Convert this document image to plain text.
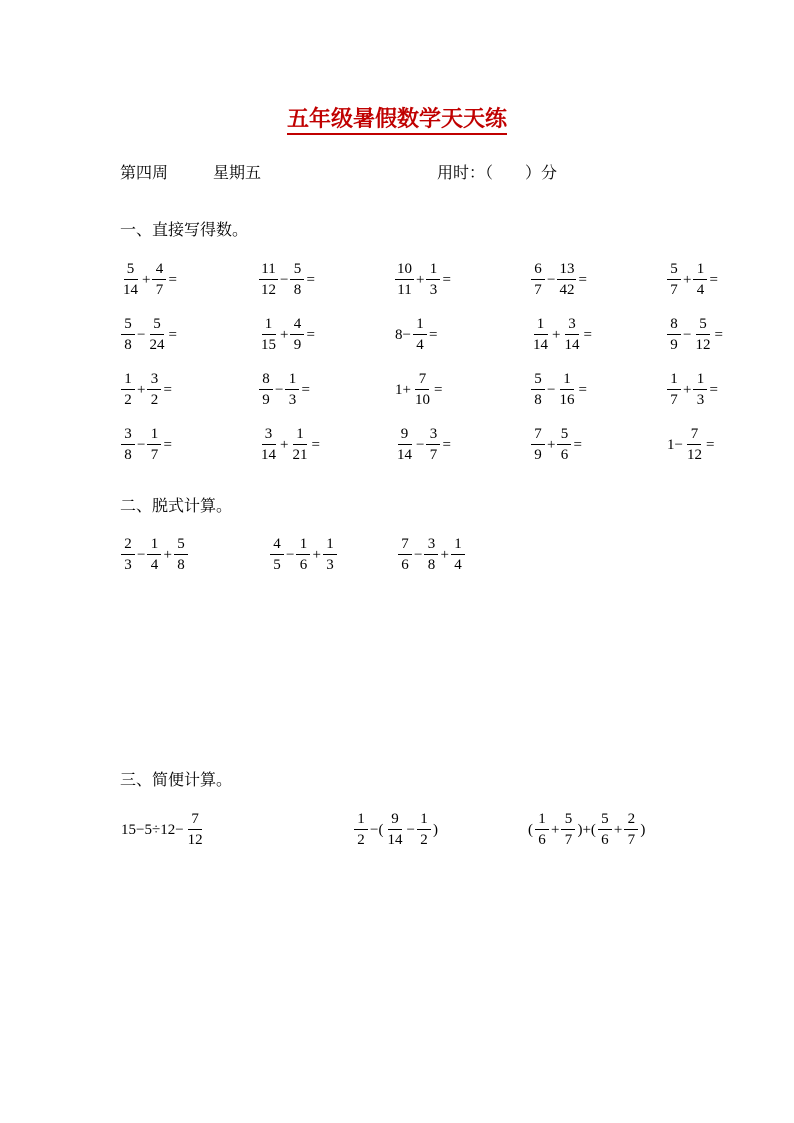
五年级暑假数学天天练
第四周	星期五	用时：（　　）分
一、直接写得数。
$\frac{5}{14} + \frac{4}{7}$ =	$\frac{11}{12} - \frac{5}{8}$ =	$\frac{10}{11} + \frac{1}{3}$ =	$\frac{6}{7} - \frac{13}{42}$ =	$\frac{5}{7} + \frac{1}{4}$ =
$\frac{5}{8} - \frac{5}{24}$ =	$\frac{1}{15} + \frac{4}{9}$ =	$8- \frac{1}{4}$ =	$\frac{1}{14} + \frac{3}{14}$ =	$\frac{8}{9} - \frac{5}{12}$ =
$\frac{1}{2} + \frac{3}{2}$ =	$\frac{8}{9} - \frac{1}{3}$ =	$1+ \frac{7}{10}$ =	$\frac{5}{8} - \frac{1}{16}$ =	$\frac{1}{7} + \frac{1}{3}$ =
$\frac{3}{8} - \frac{1}{7}$ =	$\frac{3}{14} + \frac{1}{21}$ =	$\frac{9}{14} - \frac{3}{7}$ =	$\frac{7}{9} + \frac{5}{6}$ =	$1- \frac{7}{12}$ =
二、脱式计算。
$\frac{2}{3} - \frac{1}{4} + \frac{5}{8}$	$\frac{4}{5} - \frac{1}{6} + \frac{1}{3}$	$\frac{7}{6} - \frac{3}{8} + \frac{1}{4}$
三、简便计算。
$15-5\div 12- \frac{7}{12}$	$\frac{1}{2}$ −( $\frac{9}{14} - \frac{1}{2}$ )	( $\frac{1}{6} + \frac{5}{7}$ )+( $\frac{5}{6} + \frac{2}{7}$ )
